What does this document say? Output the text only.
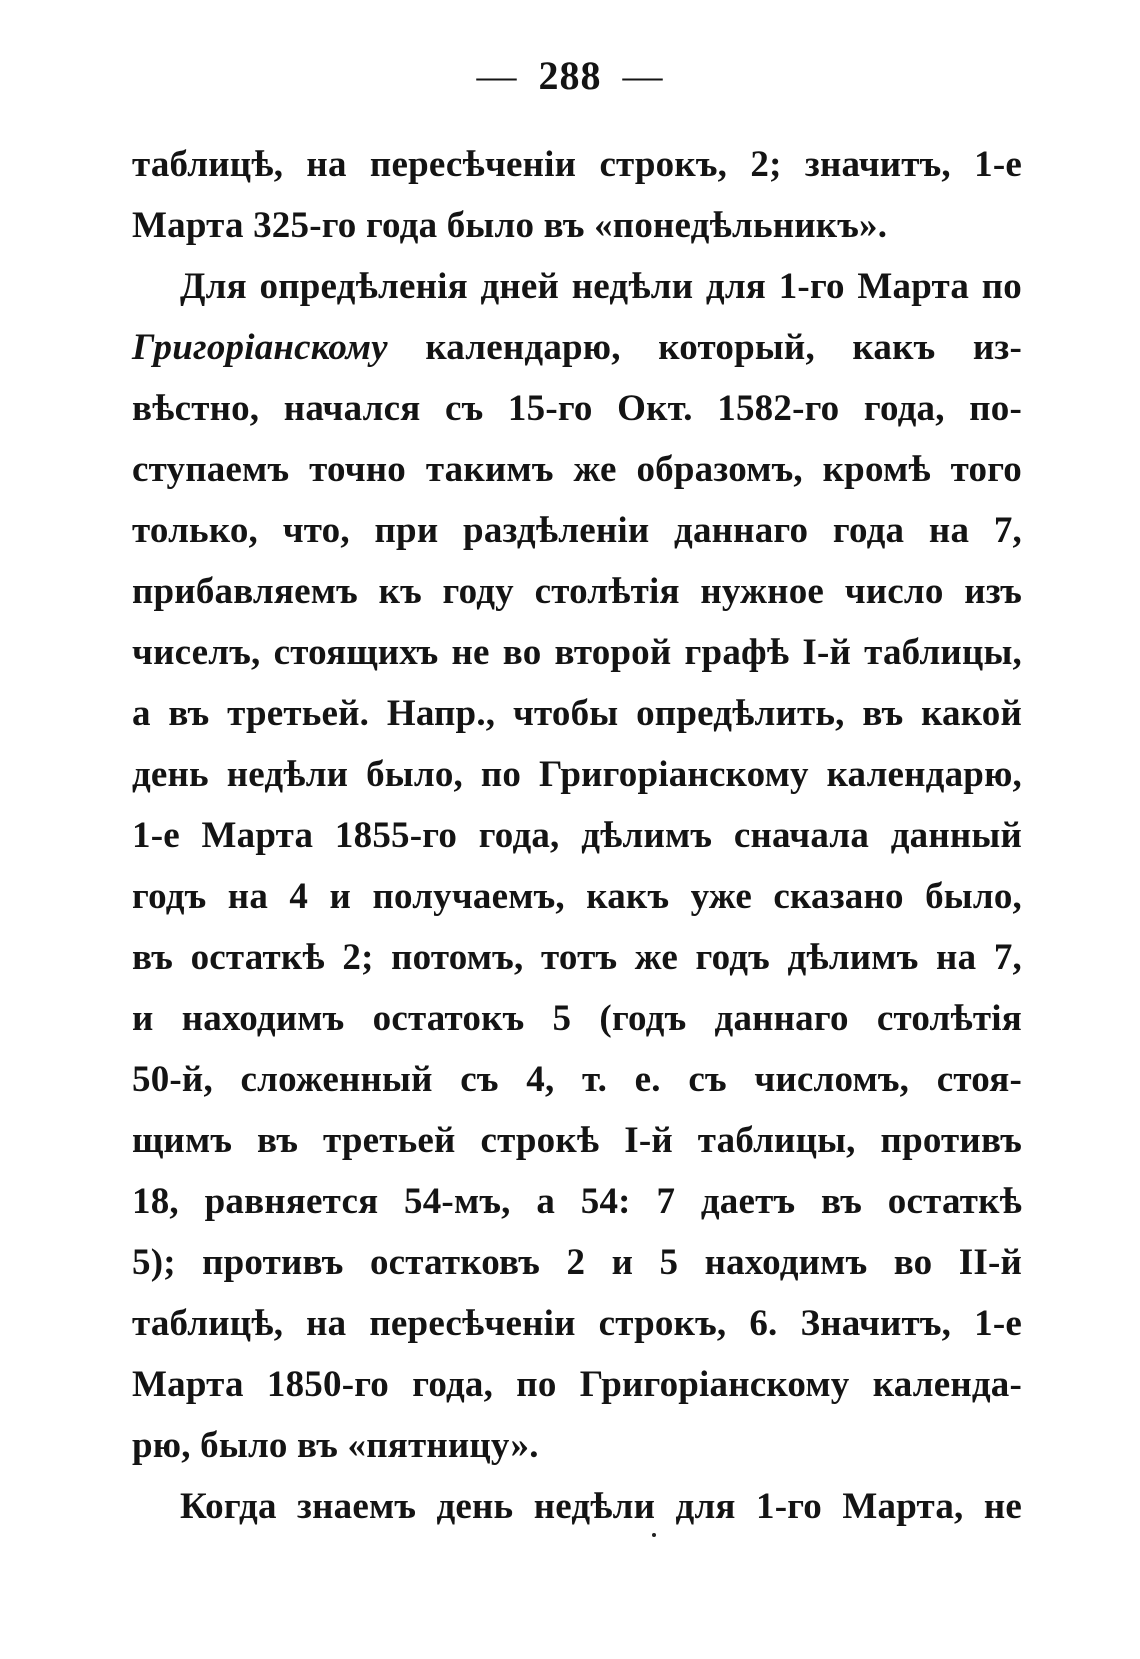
— 288 —
таблицѣ, на пересѣченіи строкъ, 2; значитъ, 1-е
Марта 325-го года было въ «понедѣльникъ».
Для опредѣленія дней недѣли для 1-го Марта по
Григоріанскому календарю, который, какъ из-
вѣстно, начался съ 15-го Окт. 1582-го года, по-
ступаемъ точно такимъ же образомъ, кромѣ того
только, что, при раздѣленіи даннаго года на 7,
прибавляемъ къ году столѣтія нужное число изъ
чиселъ, стоящихъ не во второй графѣ I-й таблицы,
а въ третьей. Напр., чтобы опредѣлить, въ какой
день недѣли было, по Григоріанскому календарю,
1-е Марта 1855-го года, дѣлимъ сначала данный
годъ на 4 и получаемъ, какъ уже сказано было,
въ остаткѣ 2; потомъ, тотъ же годъ дѣлимъ на 7,
и находимъ остатокъ 5 (годъ даннаго столѣтія
50-й, сложенный съ 4, т. е. съ числомъ, стоя-
щимъ въ третьей строкѣ I-й таблицы, противъ
18, равняется 54-мъ, а 54: 7 даетъ въ остаткѣ
5); противъ остатковъ 2 и 5 находимъ во II-й
таблицѣ, на пересѣченіи строкъ, 6. Значитъ, 1-е
Марта 1850-го года, по Григоріанскому календа-
рю, было въ «пятницу».
Когда знаемъ день недѣли для 1-го Марта, не
